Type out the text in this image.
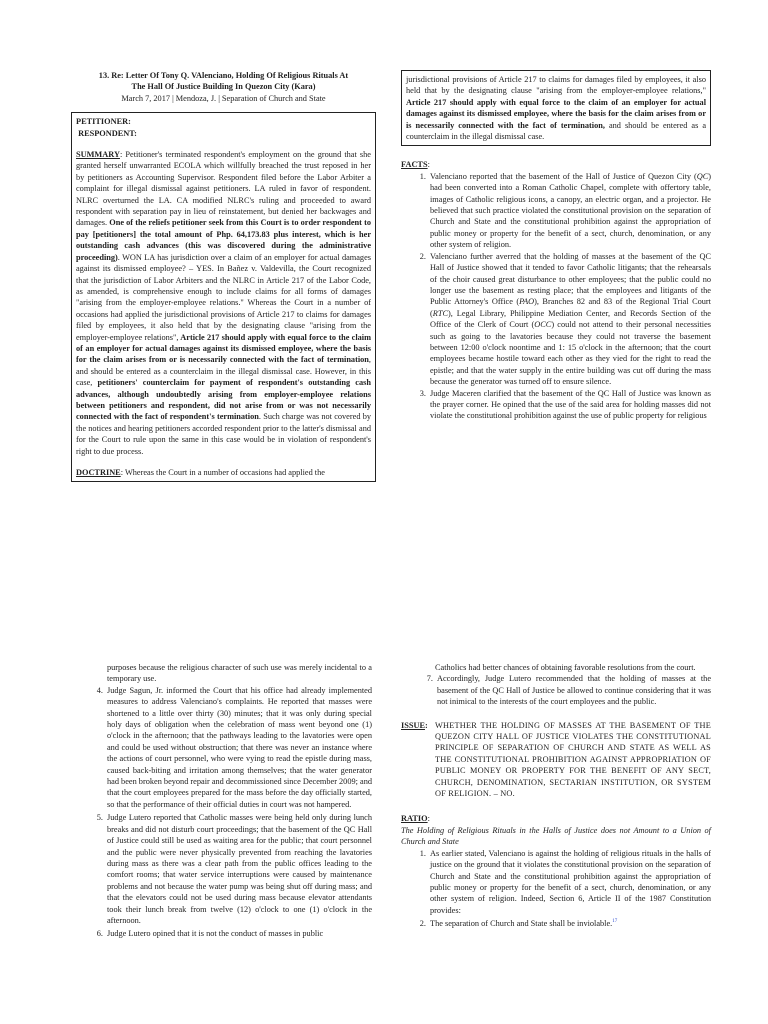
13. Re: Letter Of Tony Q. VAlenciano, Holding Of Religious Rituals At
The Hall Of Justice Building In Quezon City (Kara)
March 7, 2017 | Mendoza, J. | Separation of Church and State
PETITIONER:
RESPONDENT:
SUMMARY: Petitioner's terminated respondent's employment on the ground that she granted herself unwarranted ECOLA which willfully breached the trust reposed in her by petitioners as Accounting Supervisor. Respondent filed before the Labor Arbiter a complaint for illegal dismissal against petitioners. LA ruled in favor of respondent. NLRC overturned the LA. CA modified NLRC's ruling and proceeded to award respondent with separation pay in lieu of reinstatement, but denied her backwages and damages. One of the reliefs petitioner seek from this Court is to order respondent to pay [petitioners] the total amount of Php. 64,173.83 plus interest, which is her outstanding cash advances (this was discovered during the administrative proceeding). WON LA has jurisdiction over a claim of an employer for actual damages against its dismissed employee? – YES. In Bañez v. Valdevilla, the Court recognized that the jurisdiction of Labor Arbiters and the NLRC in Article 217 of the Labor Code, as amended, is comprehensive enough to include claims for all forms of damages "arising from the employer-employee relations." Whereas the Court in a number of occasions had applied the jurisdictional provisions of Article 217 to claims for damages filed by employees, it also held that by the designating clause "arising from the employer-employee relations", Article 217 should apply with equal force to the claim of an employer for actual damages against its dismissed employee, where the basis for the claim arises from or is necessarily connected with the fact of termination, and should be entered as a counterclaim in the illegal dismissal case. However, in this case, petitioners' counterclaim for payment of respondent's outstanding cash advances, although undoubtedly arising from employer-employee relations between petitioners and respondent, did not arise from or was not necessarily connected with the fact of respondent's termination. Such charge was not covered by the notices and hearing petitioners accorded respondent prior to the latter's dismissal and for the Court to rule upon the same in this case would be in violation of respondent's right to due process.
DOCTRINE: Whereas the Court in a number of occasions had applied the
jurisdictional provisions of Article 217 to claims for damages filed by employees, it also held that by the designating clause "arising from the employer-employee relations," Article 217 should apply with equal force to the claim of an employer for actual damages against its dismissed employee, where the basis for the claim arises from or is necessarily connected with the fact of termination, and should be entered as a counterclaim in the illegal dismissal case.
FACTS:
1. Valenciano reported that the basement of the Hall of Justice of Quezon City (QC) had been converted into a Roman Catholic Chapel, complete with offertory table, images of Catholic religious icons, a canopy, an electric organ, and a projector. He believed that such practice violated the constitutional provision on the separation of Church and State and the constitutional prohibition against the appropriation of public money or property for the benefit of a sect, church, denomination, or any other system of religion.
2. Valenciano further averred that the holding of masses at the basement of the QC Hall of Justice showed that it tended to favor Catholic litigants; that the rehearsals of the choir caused great disturbance to other employees; that the public could no longer use the basement as resting place; that the employees and litigants of the Public Attorney's Office (PAO), Branches 82 and 83 of the Regional Trial Court (RTC), Legal Library, Philippine Mediation Center, and Records Section of the Office of the Clerk of Court (OCC) could not attend to their personal necessities such as going to the lavatories because they could not traverse the basement between 12:00 o'clock noontime and 1: 15 o'clock in the afternoon; that the court employees became hostile toward each other as they vied for the right to read the epistle; and that the water supply in the entire building was cut off during the mass because the generator was turned off to ensure silence.
3. Judge Maceren clarified that the basement of the QC Hall of Justice was known as the prayer corner. He opined that the use of the said area for holding masses did not violate the constitutional prohibition against the use of public property for religious
purposes because the religious character of such use was merely incidental to a temporary use.
4. Judge Sagun, Jr. informed the Court that his office had already implemented measures to address Valenciano's complaints. He reported that masses were shortened to a little over thirty (30) minutes; that it was only during special holy days of obligation when the celebration of mass went beyond one (1) o'clock in the afternoon; that the pathways leading to the lavatories were open and could be used without obstruction; that there was never an instance where the actions of court personnel, who were vying to read the epistle during mass, caused back-biting and irritation among themselves; that the water generator had been broken beyond repair and decommissioned since December 2009; and that the court employees prepared for the mass before the day officially started, so that the performance of their official duties in court was not hampered.
5. Judge Lutero reported that Catholic masses were being held only during lunch breaks and did not disturb court proceedings; that the basement of the QC Hall of Justice could still be used as waiting area for the public; that court personnel and the public were never physically prevented from reaching the lavatories during mass as there was a clear path from the public offices leading to the comfort rooms; that water service interruptions were caused by maintenance problems and not because the water pump was being shut off during mass; and that the elevators could not be used during mass because elevator attendants took their lunch break from twelve (12) o'clock to one (1) o'clock in the afternoon.
6. Judge Lutero opined that it is not the conduct of masses in public
Catholics had better chances of obtaining favorable resolutions from the court.
7. Accordingly, Judge Lutero recommended that the holding of masses at the basement of the QC Hall of Justice be allowed to continue considering that it was not inimical to the interests of the court employees and the public.
ISSUE: WHETHER THE HOLDING OF MASSES AT THE BASEMENT OF THE QUEZON CITY HALL OF JUSTICE VIOLATES THE CONSTITUTIONAL PRINCIPLE OF SEPARATION OF CHURCH AND STATE AS WELL AS THE CONSTITUTIONAL PROHIBITION AGAINST APPROPRIATION OF PUBLIC MONEY OR PROPERTY FOR THE BENEFIT OF ANY SECT, CHURCH, DENOMINATION, SECTARIAN INSTITUTION, OR SYSTEM OF RELIGION. – NO.
RATIO:
The Holding of Religious Rituals in the Halls of Justice does not Amount to a Union of Church and State
1. As earlier stated, Valenciano is against the holding of religious rituals in the halls of justice on the ground that it violates the constitutional provision on the separation of Church and State and the constitutional prohibition against the appropriation of public money or property for the benefit of a sect, church, denomination, or any other system of religion. Indeed, Section 6, Article II of the 1987 Constitution provides:
2. The separation of Church and State shall be inviolable.$^{17}$
